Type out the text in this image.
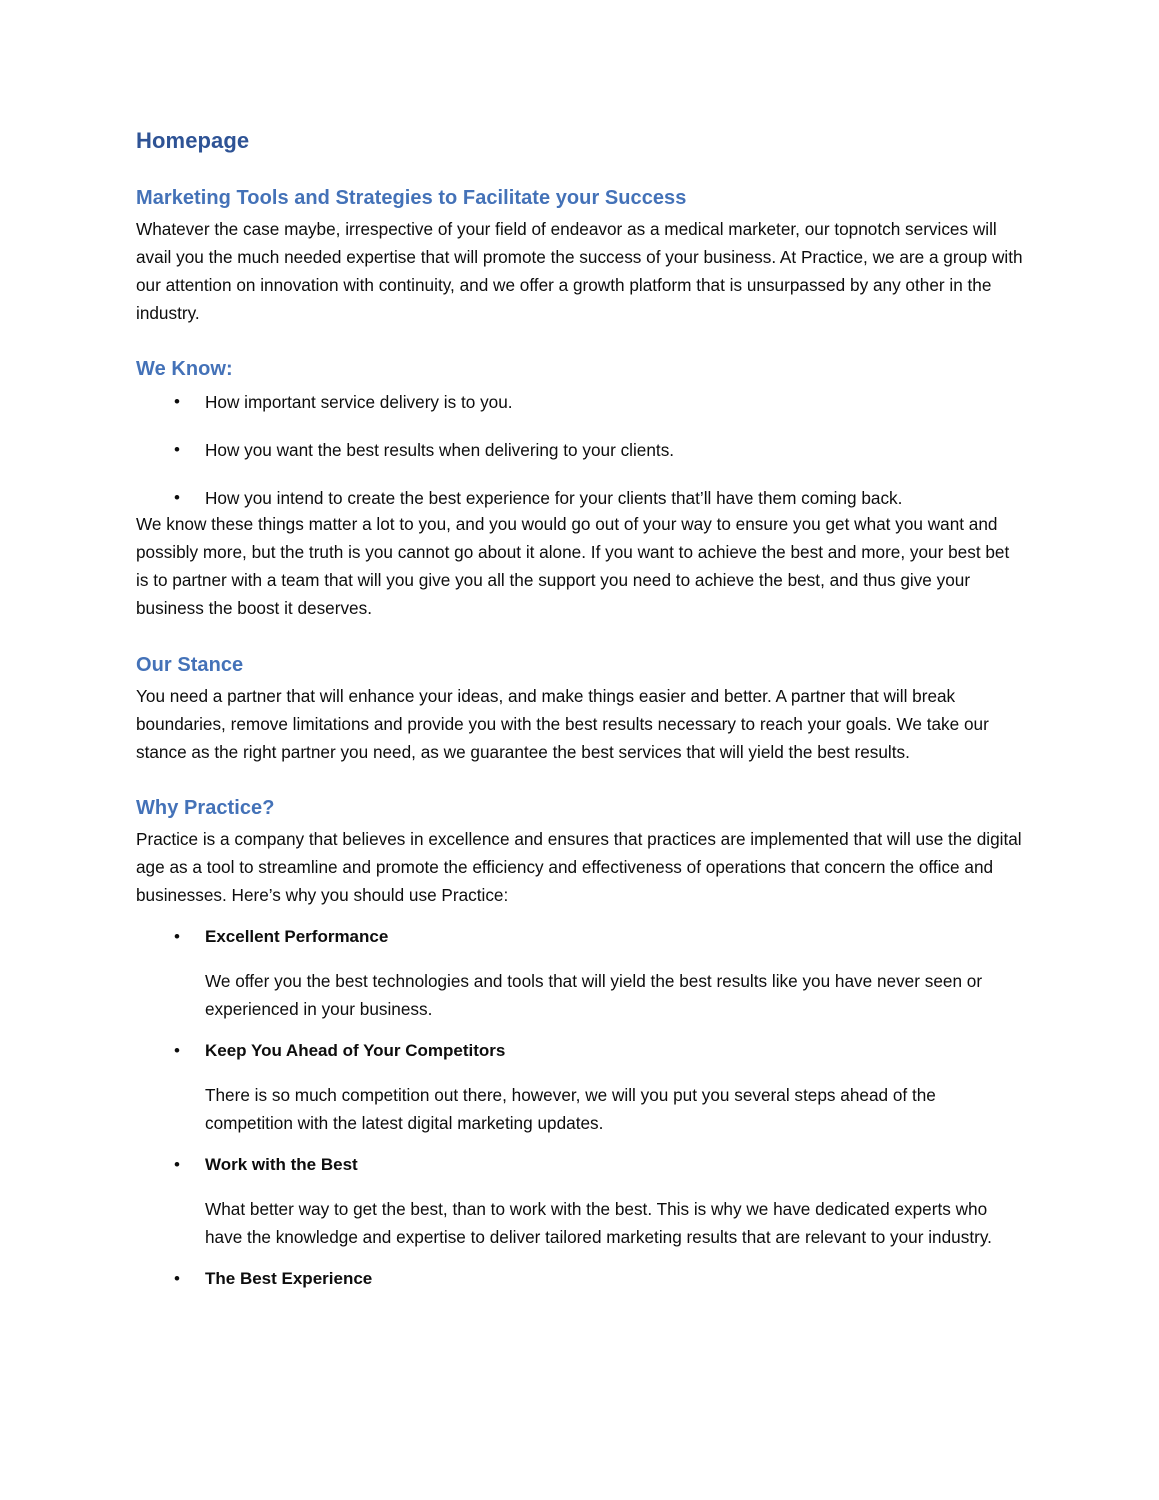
Homepage
Marketing Tools and Strategies to Facilitate your Success

Whatever the case maybe, irrespective of your field of endeavor as a medical marketer, our topnotch services will avail you the much needed expertise that will promote the success of your business. At Practice, we are a group with our attention on innovation with continuity, and we offer a growth platform that is unsurpassed by any other in the industry.

We Know:
• How important service delivery is to you.
• How you want the best results when delivering to your clients.
• How you intend to create the best experience for your clients that’ll have them coming back.

We know these things matter a lot to you, and you would go out of your way to ensure you get what you want and possibly more, but the truth is you cannot go about it alone. If you want to achieve the best and more, your best bet is to partner with a team that will you give you all the support you need to achieve the best, and thus give your business the boost it deserves.

Our Stance

You need a partner that will enhance your ideas, and make things easier and better. A partner that will break boundaries, remove limitations and provide you with the best results necessary to reach your goals. We take our stance as the right partner you need, as we guarantee the best services that will yield the best results.

Why Practice?

Practice is a company that believes in excellence and ensures that practices are implemented that will use the digital age as a tool to streamline and promote the efficiency and effectiveness of operations that concern the office and businesses. Here’s why you should use Practice:

• Excellent Performance

We offer you the best technologies and tools that will yield the best results like you have never seen or experienced in your business.

• Keep You Ahead of Your Competitors

There is so much competition out there, however, we will you put you several steps ahead of the competition with the latest digital marketing updates.

• Work with the Best

What better way to get the best, than to work with the best. This is why we have dedicated experts who have the knowledge and expertise to deliver tailored marketing results that are relevant to your industry.

• The Best Experience
